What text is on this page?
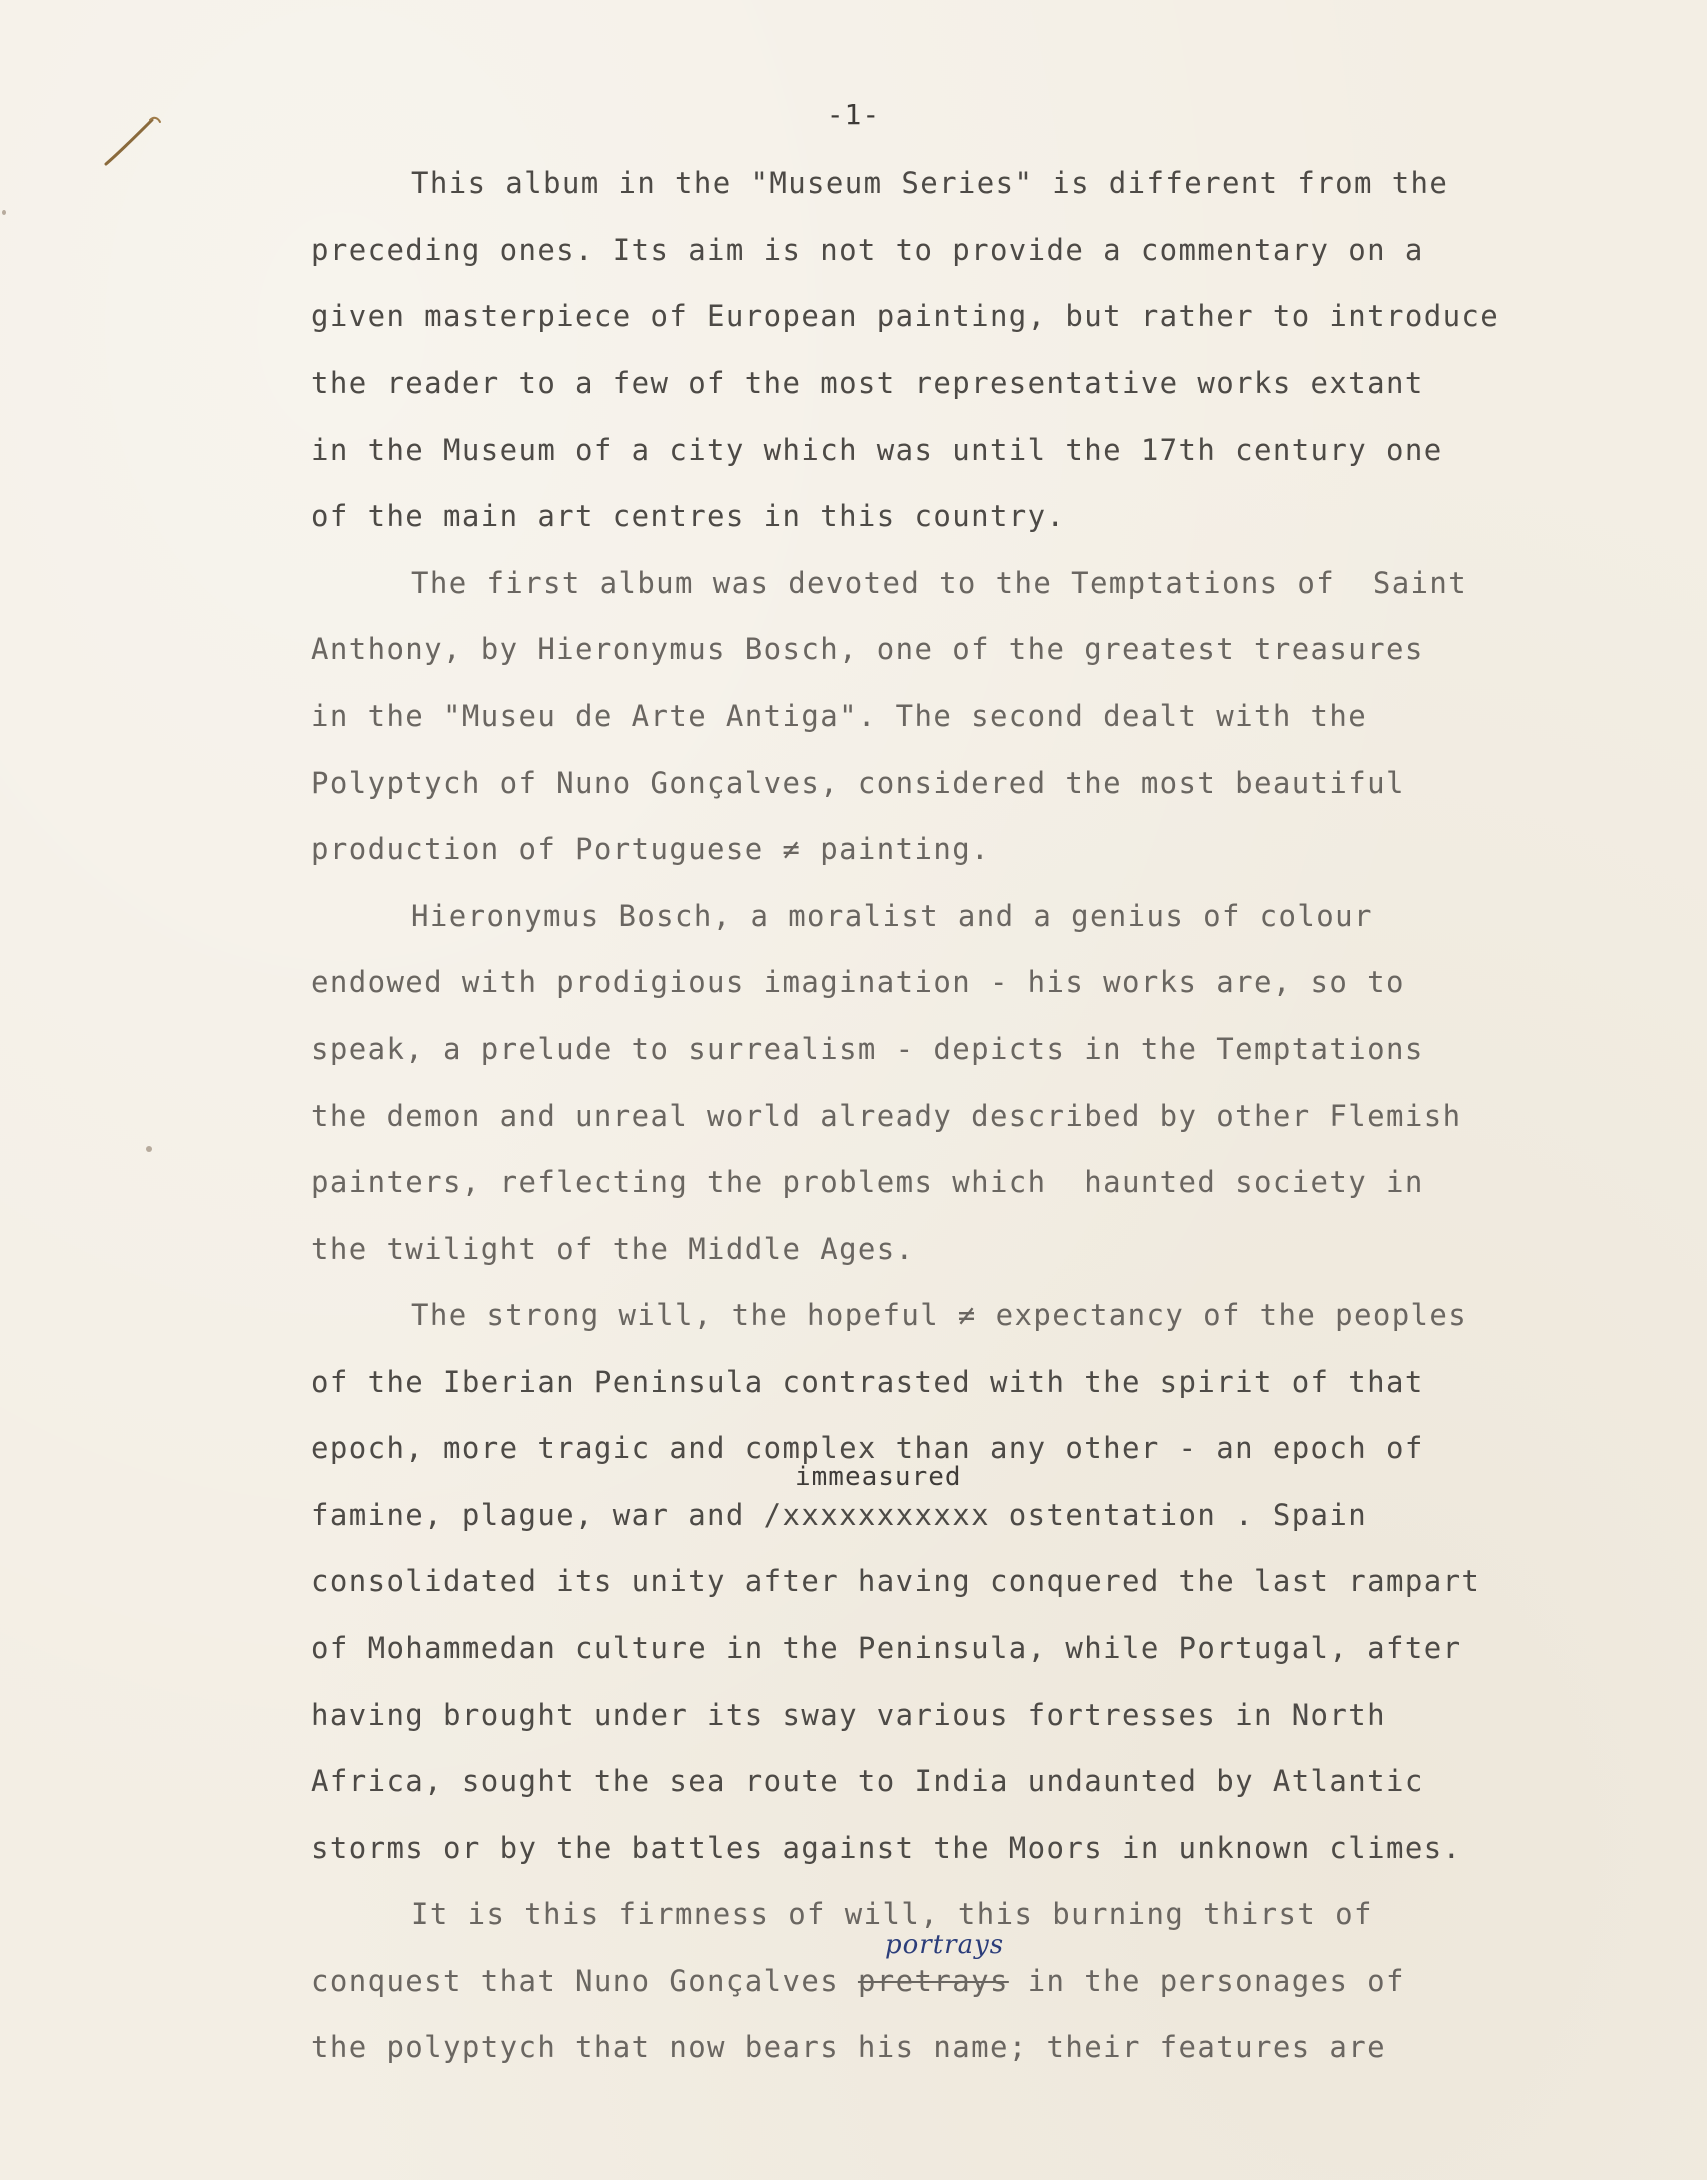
-1-
This album in the "Museum Series" is different from the
preceding ones. Its aim is not to provide a commentary on a
given masterpiece of European painting, but rather to introduce
the reader to a few of the most representative works extant
in the Museum of a city which was until the 17th century one
of the main art centres in this country.
The first album was devoted to the Temptations of  Saint
Anthony, by Hieronymus Bosch, one of the greatest treasures
in the "Museu de Arte Antiga". The second dealt with the
Polyptych of Nuno Gonçalves, considered the most beautiful
production of Portuguese ≠ painting.
Hieronymus Bosch, a moralist and a genius of colour
endowed with prodigious imagination - his works are, so to
speak, a prelude to surrealism - depicts in the Temptations
the demon and unreal world already described by other Flemish
painters, reflecting the problems which  haunted society in
the twilight of the Middle Ages.
The strong will, the hopeful ≠ expectancy of the peoples
of the Iberian Peninsula contrasted with the spirit of that
epoch, more tragic and complex than any other - an epoch of
immeasured
famine, plague, war and /xxxxxxxxxxx ostentation . Spain
consolidated its unity after having conquered the last rampart
of Mohammedan culture in the Peninsula, while Portugal, after
having brought under its sway various fortresses in North
Africa, sought the sea route to India undaunted by Atlantic
storms or by the battles against the Moors in unknown climes.
It is this firmness of will, this burning thirst of
portrays
conquest that Nuno Gonçalves pretrays in the personages of
the polyptych that now bears his name; their features are
